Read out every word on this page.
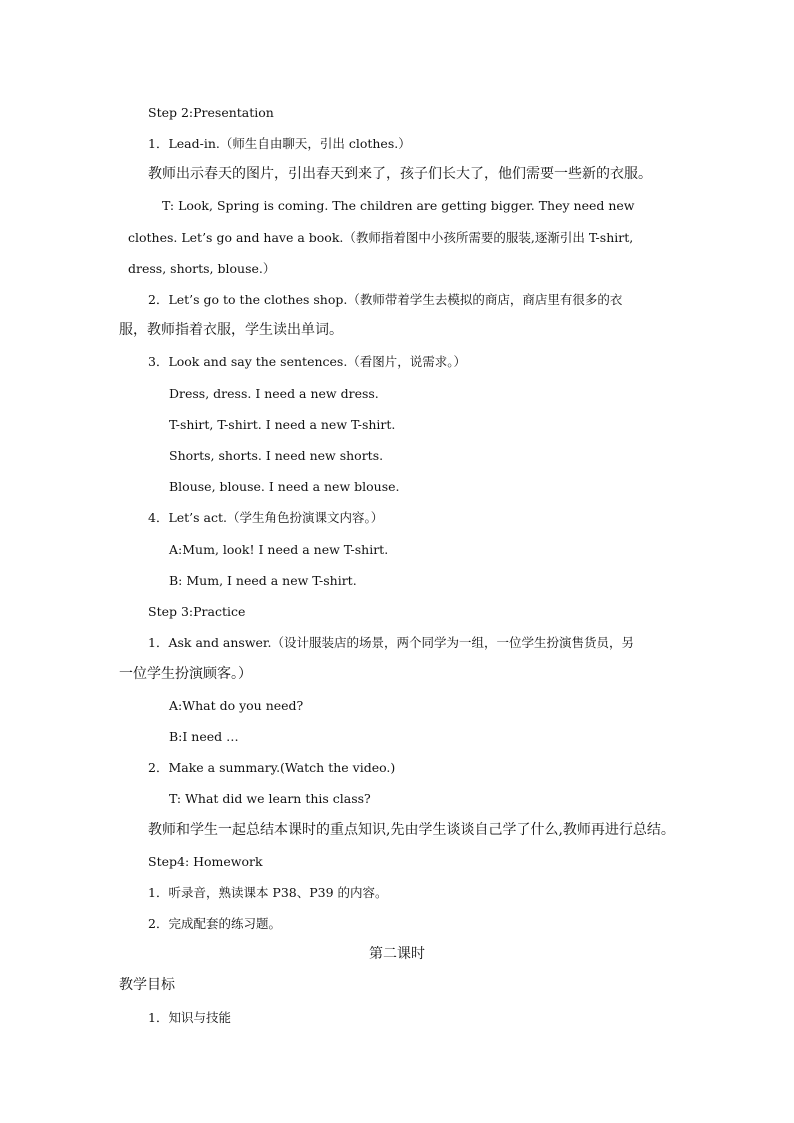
Step 2:Presentation
1．Lead-in.（师生自由聊天，引出 clothes.）
教师出示春天的图片，引出春天到来了，孩子们长大了，他们需要一些新的衣服。
T: Look, Spring is coming. The children are getting bigger. They need new
clothes. Let’s go and have a book.（教师指着图中小孩所需要的服装,逐渐引出 T-shirt,
dress, shorts, blouse.）
2．Let’s go to the clothes shop.（教师带着学生去模拟的商店，商店里有很多的衣
服，教师指着衣服，学生读出单词。
3．Look and say the sentences.（看图片，说需求。）
Dress, dress. I need a new dress.
T-shirt, T-shirt. I need a new T-shirt.
Shorts, shorts. I need new shorts.
Blouse, blouse. I need a new blouse.
4．Let’s act.（学生角色扮演课文内容。）
A:Mum, look! I need a new T-shirt.
B: Mum, I need a new T-shirt.
Step 3:Practice
1．Ask and answer.（设计服装店的场景，两个同学为一组，一位学生扮演售货员，另
一位学生扮演顾客。）
A:What do you need?
B:I need …
2．Make a summary.(Watch the video.)
T: What did we learn this class?
教师和学生一起总结本课时的重点知识,先由学生谈谈自己学了什么,教师再进行总结。
Step4: Homework
1．听录音，熟读课本 P38、P39 的内容。
2．完成配套的练习题。
第二课时
教学目标
1．知识与技能
